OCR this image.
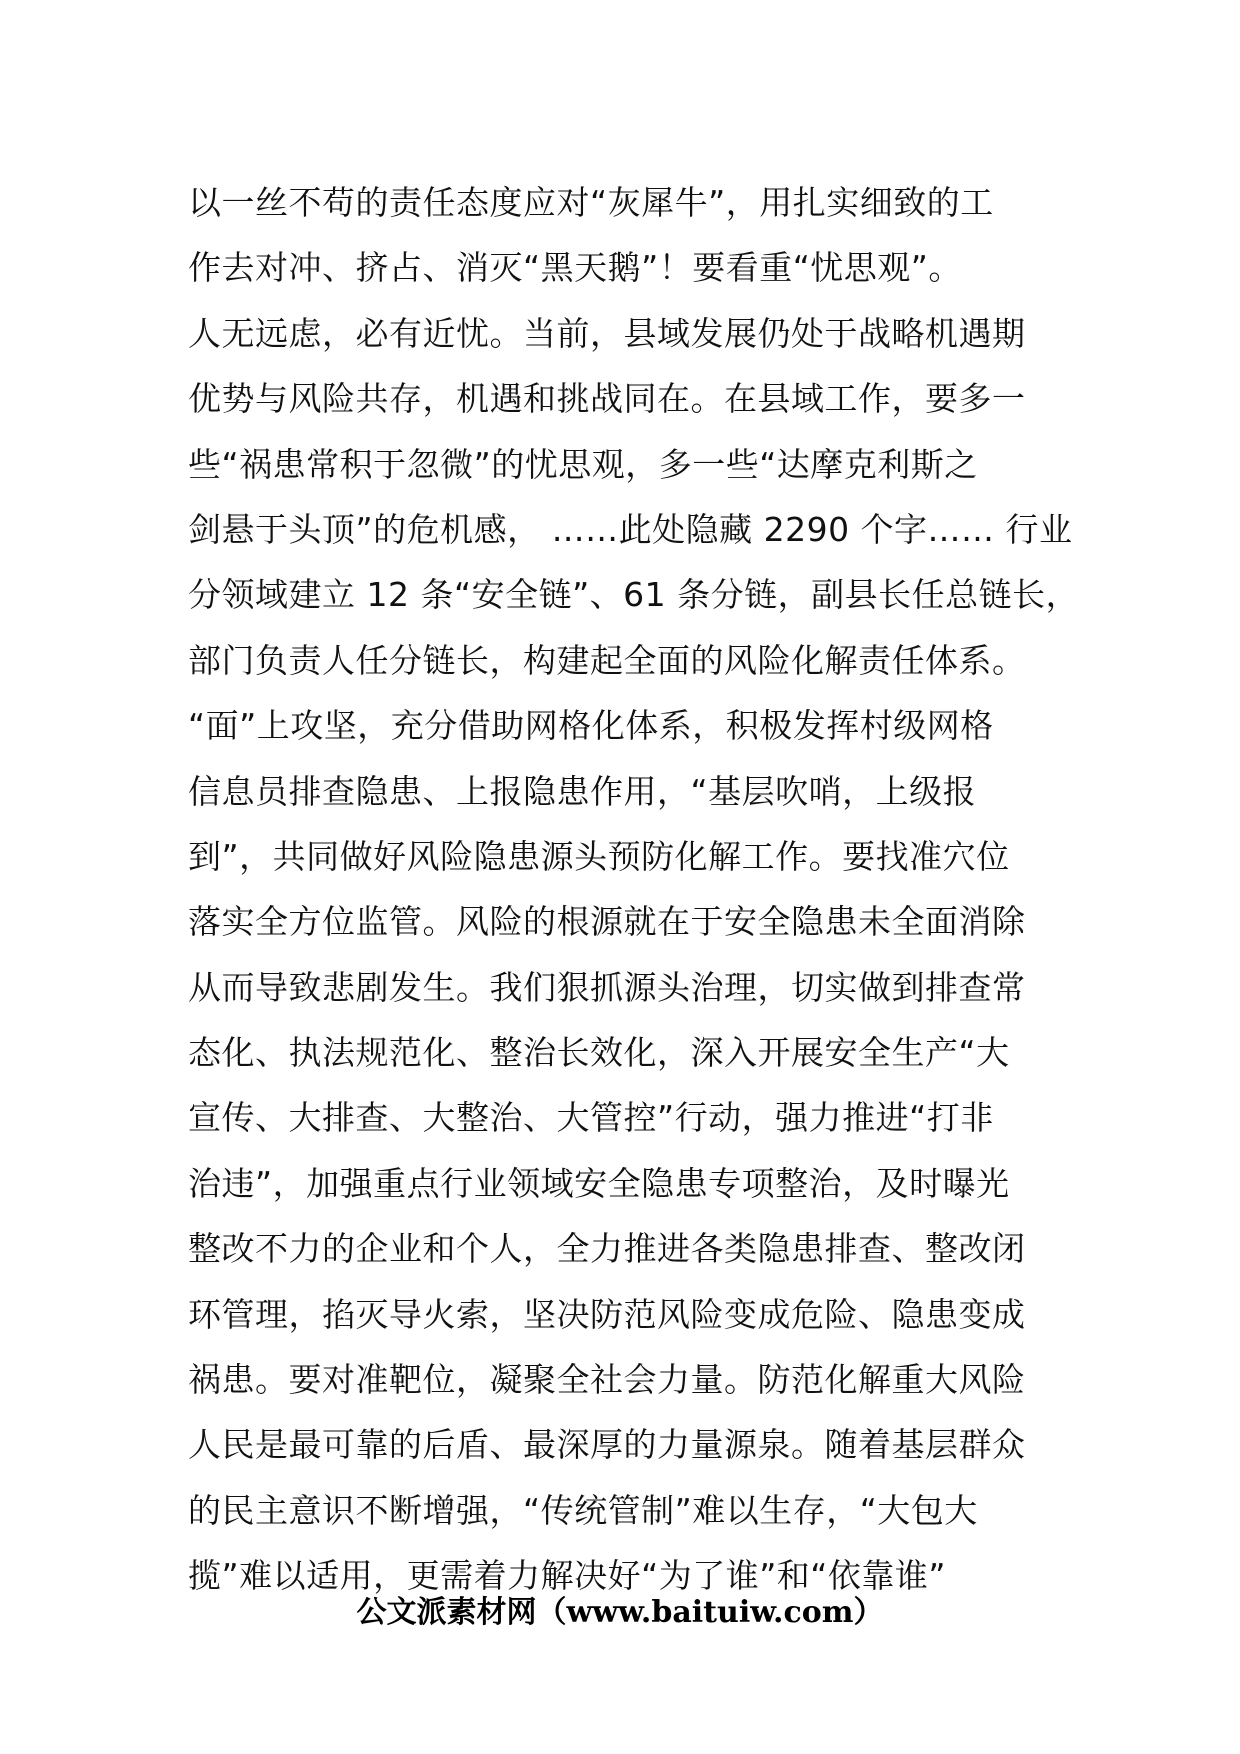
以一丝不苟的责任态度应对“灰犀牛”，用扎实细致的工
作去对冲、挤占、消灭“黑天鹅”！要看重“忧思观”。
人无远虑，必有近忧。当前，县域发展仍处于战略机遇期
优势与风险共存，机遇和挑战同在。在县域工作，要多一
些“祸患常积于忽微”的忧思观，多一些“达摩克利斯之
剑悬于头顶”的危机感， ……此处隐藏 2290 个字…… 行业
分领域建立 12 条“安全链”、61 条分链，副县长任总链长，
部门负责人任分链长，构建起全面的风险化解责任体系。
“面”上攻坚，充分借助网格化体系，积极发挥村级网格
信息员排查隐患、上报隐患作用，“基层吹哨，上级报
到”，共同做好风险隐患源头预防化解工作。要找准穴位
落实全方位监管。风险的根源就在于安全隐患未全面消除
从而导致悲剧发生。我们狠抓源头治理，切实做到排查常
态化、执法规范化、整治长效化，深入开展安全生产“大
宣传、大排查、大整治、大管控”行动，强力推进“打非
治违”，加强重点行业领域安全隐患专项整治，及时曝光
整改不力的企业和个人，全力推进各类隐患排查、整改闭
环管理，掐灭导火索，坚决防范风险变成危险、隐患变成
祸患。要对准靶位，凝聚全社会力量。防范化解重大风险
人民是最可靠的后盾、最深厚的力量源泉。随着基层群众
的民主意识不断增强，“传统管制”难以生存，“大包大
揽”难以适用，更需着力解决好“为了谁”和“依靠谁”
公文派素材网（www.baituiw.com）
